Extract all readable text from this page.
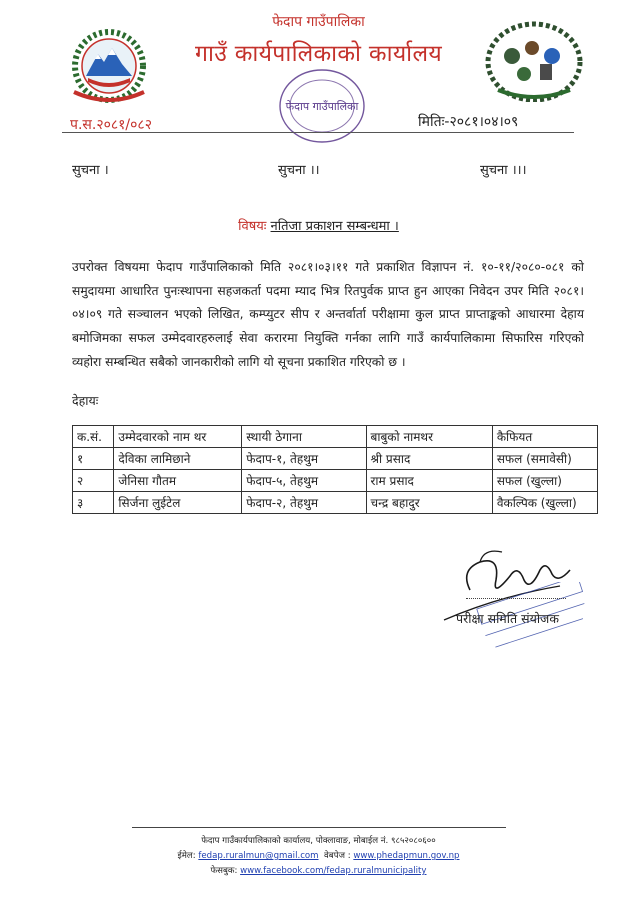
फेदाप गाउँपालिका
गाउँ कार्यपालिकाको कार्यालय
फेदाप गाउँपालिका
प.स.२०८१/०८२	मितिः-२०८१।०४।०९
सुचना ।	सुचना ।।	सुचना ।।।
विषयः नतिजा प्रकाशन सम्बन्धमा ।
उपरोक्त विषयमा फेदाप गाउँपालिकाको मिति २०८१।०३।११ गते प्रकाशित विज्ञापन नं. १०-११/२०८०-०८१ को समुदायमा आधारित पुनःस्थापना सहजकर्ता पदमा म्याद भित्र रितपुर्वक प्राप्त हुन आएका निवेदन उपर मिति २०८१।०४।०९ गते सञ्चालन भएको लिखित, कम्प्युटर सीप र अन्तर्वार्ता परीक्षामा कुल प्राप्त प्राप्ताङ्कको आधारमा देहाय बमोजिमका सफल उम्मेदवारहरुलाई सेवा करारमा नियुक्ति गर्नका लागि गाउँ कार्यपालिकामा सिफारिस गरिएको व्यहोरा सम्बन्धित सबैको जानकारीको लागि यो सूचना प्रकाशित गरिएको छ ।
देहायः
क.सं.	उम्मेदवारको नाम थर	स्थायी ठेगाना	बाबुको नामथर	कैफियत
१	देविका लामिछाने	फेदाप-१, तेहथुम	श्री प्रसाद	सफल (समावेसी)
२	जेनिसा गौतम	फेदाप-५, तेहथुम	राम प्रसाद	सफल (खुल्ला)
३	सिर्जना लुईटेल	फेदाप-२, तेहथुम	चन्द्र बहादुर	वैकल्पिक (खुल्ला)
परीक्षा समिति संयोजक
फेदाप गाउँकार्यपालिकाको कार्यालय, पोक्लावाङ, मोबाईल नं. ९८५२०८०६००
ईमेल: fedap.ruralmun@gmail.com वेबपेज : www.phedapmun.gov.np
फेसबुक: www.facebook.com/fedap.ruralmunicipality
